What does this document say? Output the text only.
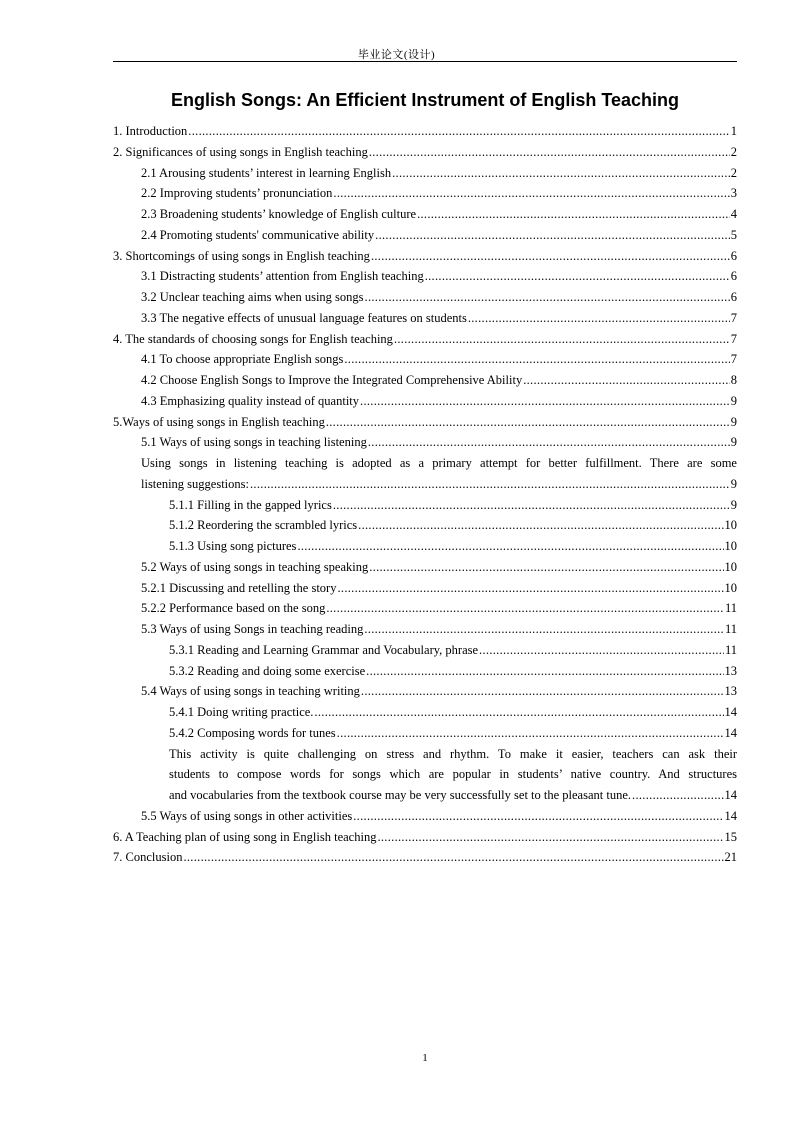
毕业论文(设计)
English Songs: An Efficient Instrument of English Teaching
1. Introduction .....	1
2. Significances of using songs in English teaching .....	2
2.1 Arousing students’ interest in learning English .....	2
2.2 Improving students’ pronunciation .....	3
2.3 Broadening students’ knowledge of English culture .....	4
2.4 Promoting students' communicative ability .....	5
3. Shortcomings of using songs in English teaching .....	6
3.1 Distracting students’ attention from English teaching .....	6
3.2 Unclear teaching aims when using songs .....	6
3.3 The negative effects of unusual language features on students .....	7
4. The standards of choosing songs for English teaching .....	7
4.1 To choose appropriate English songs .....	7
4.2 Choose English Songs to Improve the Integrated Comprehensive Ability .....	8
4.3 Emphasizing quality instead of quantity .....	9
5.Ways of using songs in English teaching .....	9
5.1 Ways of using songs in teaching listening .....	9
Using songs in listening teaching is adopted as a primary attempt for better fulfillment. There are some
listening suggestions: .....	9
5.1.1 Filling in the gapped lyrics .....	9
5.1.2 Reordering the scrambled lyrics .....	10
5.1.3 Using song pictures .....	10
5.2 Ways of using songs in teaching speaking .....	10
5.2.1 Discussing and retelling the story .....	10
5.2.2 Performance based on the song .....	11
5.3 Ways of using Songs in teaching reading .....	11
5.3.1 Reading and Learning Grammar and Vocabulary, phrase .....	11
5.3.2 Reading and doing some exercise .....	13
5.4 Ways of using songs in teaching writing .....	13
5.4.1 Doing writing practice. .....	14
5.4.2 Composing words for tunes .....	14
This activity is quite challenging on stress and rhythm. To make it easier, teachers can ask their
students to compose words for songs which are popular in students’ native country. And structures
and vocabularies from the textbook course may be very successfully set to the pleasant tune. .....	14
5.5 Ways of using songs in other activities .....	14
6. A Teaching plan of using song in English teaching .....	15
7. Conclusion .....	21
1
